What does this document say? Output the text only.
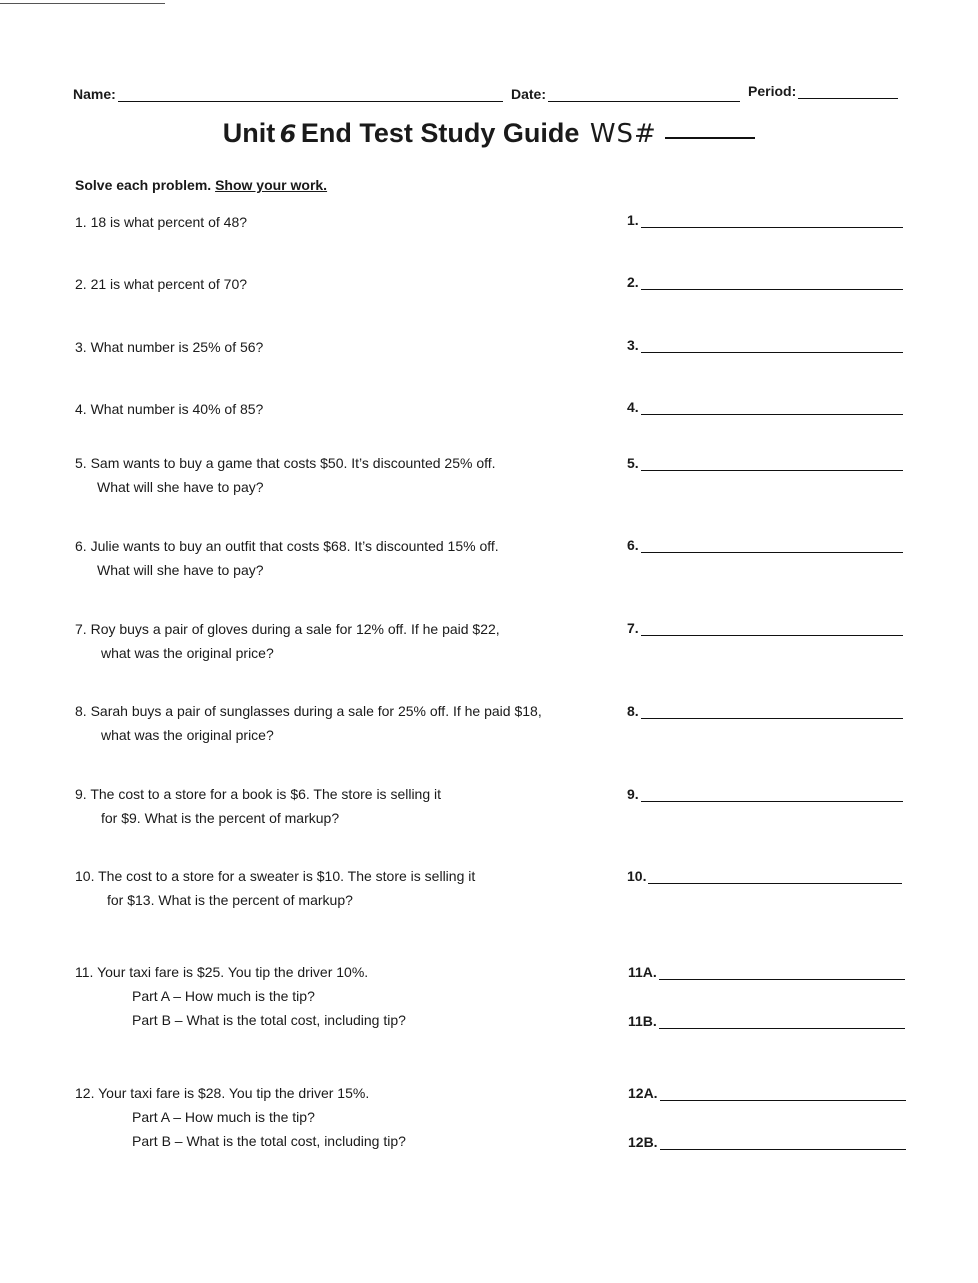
Name:	Date:	Period:
Unit 6 End Test Study Guide WS#
Solve each problem. Show your work.
1. 18 is what percent of 48?	1.
2. 21 is what percent of 70?	2.
3. What number is 25% of 56?	3.
4. What number is 40% of 85?	4.
5. Sam wants to buy a game that costs $50. It’s discounted 25% off.
What will she have to pay?
5.
6. Julie wants to buy an outfit that costs $68. It’s discounted 15% off.
What will she have to pay?
6.
7. Roy buys a pair of gloves during a sale for 12% off. If he paid $22,
what was the original price?
7.
8. Sarah buys a pair of sunglasses during a sale for 25% off. If he paid $18,
what was the original price?
8.
9. The cost to a store for a book is $6. The store is selling it
for $9. What is the percent of markup?
9.
10. The cost to a store for a sweater is $10. The store is selling it
for $13. What is the percent of markup?
10.
11. Your taxi fare is $25. You tip the driver 10%.
Part A – How much is the tip?
Part B – What is the total cost, including tip?
11A.
11B.
12. Your taxi fare is $28. You tip the driver 15%.
Part A – How much is the tip?
Part B – What is the total cost, including tip?
12A.
12B.
